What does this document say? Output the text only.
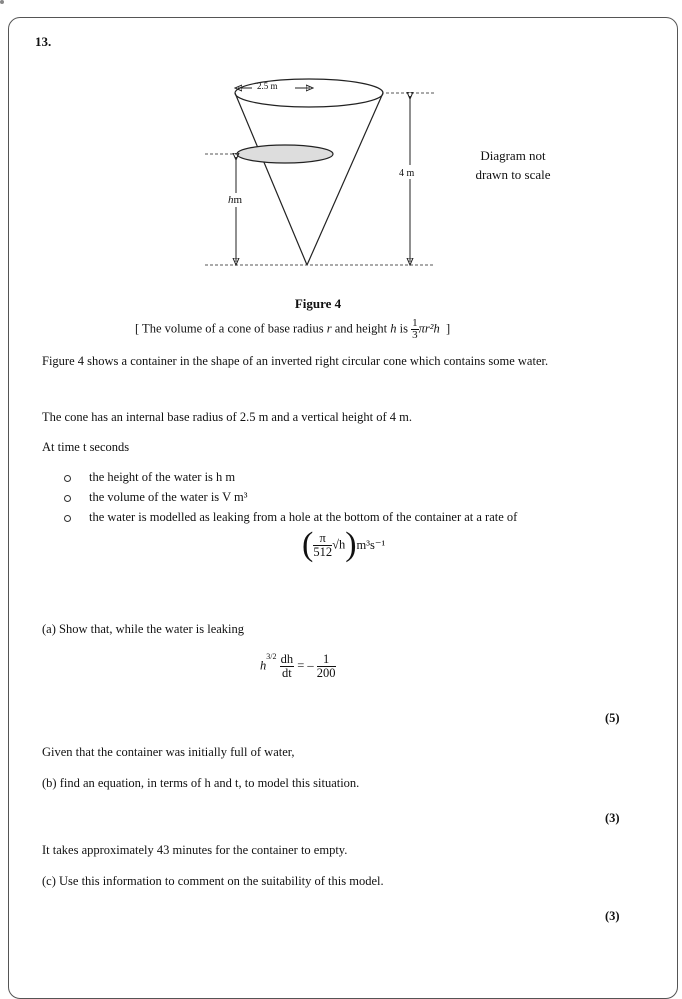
13.
2.5 m
4 m
hm
Diagram not
drawn to scale
Figure 4
[ The volume of a cone of base radius r and height h is $\frac{1}{3} \pi r^2h$ ]
Figure 4 shows a container in the shape of an inverted right circular cone which contains some water.
The cone has an internal base radius of 2.5 m and a vertical height of 4 m.
At time t seconds
the height of the water is h m
the volume of the water is V m³
the water is modelled as leaking from a hole at the bottom of the container at a rate of
( $\frac{\pi}{512} √h)m^3s^{-1}$
(a) Show that, while the water is leaking
$h^{3/2} \frac{dh}{dt}$ = – $\frac{1}{200}$
(5)
Given that the container was initially full of water,
(b) find an equation, in terms of h and t, to model this situation.
(3)
It takes approximately 43 minutes for the container to empty.
(c) Use this information to comment on the suitability of this model.
(3)
